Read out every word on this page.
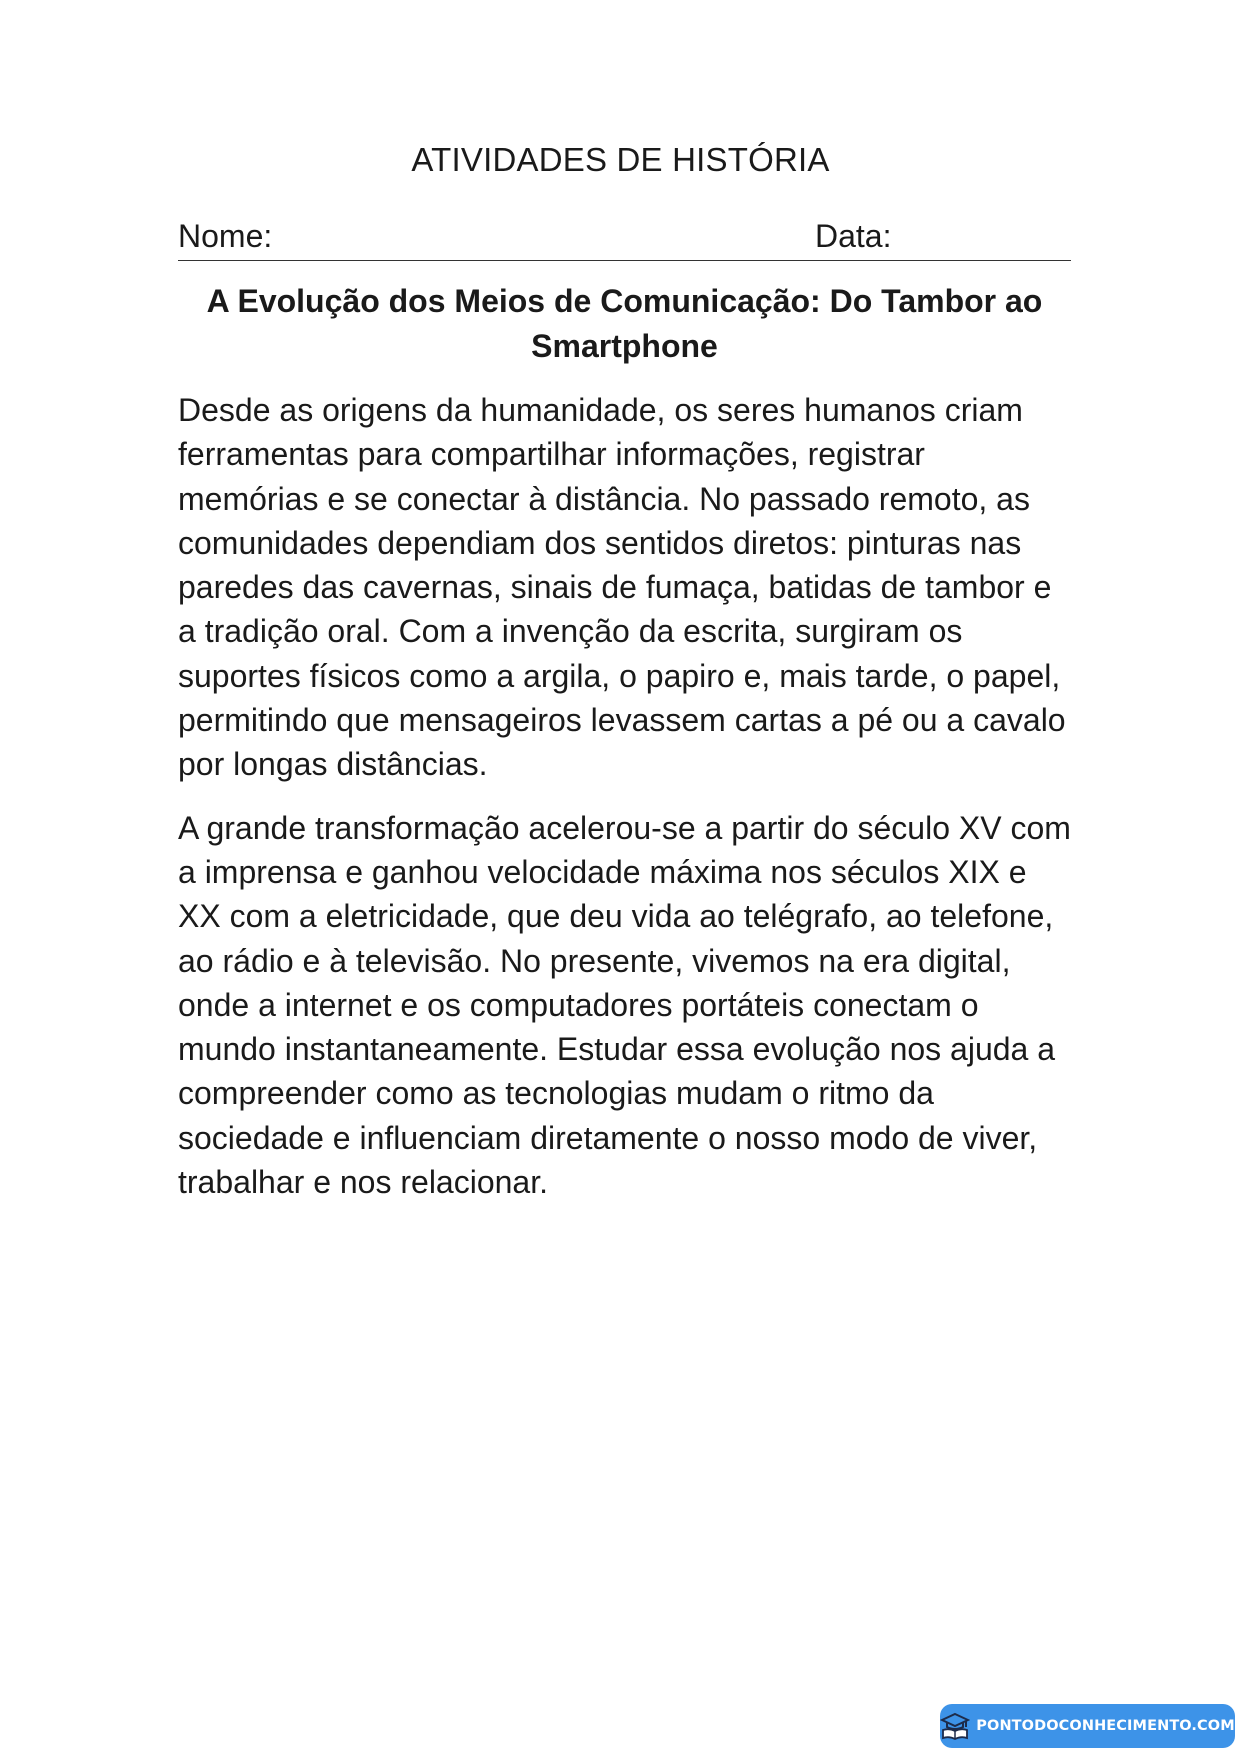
ATIVIDADES DE HISTÓRIA
Nome:	Data:
A Evolução dos Meios de Comunicação: Do Tambor ao Smartphone

Desde as origens da humanidade, os seres humanos criam ferramentas para compartilhar informações, registrar memórias e se conectar à distância. No passado remoto, as comunidades dependiam dos sentidos diretos: pinturas nas paredes das cavernas, sinais de fumaça, batidas de tambor e a tradição oral. Com a invenção da escrita, surgiram os suportes físicos como a argila, o papiro e, mais tarde, o papel, permitindo que mensageiros levassem cartas a pé ou a cavalo por longas distâncias.

A grande transformação acelerou-se a partir do século XV com a imprensa e ganhou velocidade máxima nos séculos XIX e XX com a eletricidade, que deu vida ao telégrafo, ao telefone, ao rádio e à televisão. No presente, vivemos na era digital, onde a internet e os computadores portáteis conectam o mundo instantaneamente. Estudar essa evolução nos ajuda a compreender como as tecnologias mudam o ritmo da sociedade e influenciam diretamente o nosso modo de viver, trabalhar e nos relacionar.

PONTODOCONHECIMENTO.COM
